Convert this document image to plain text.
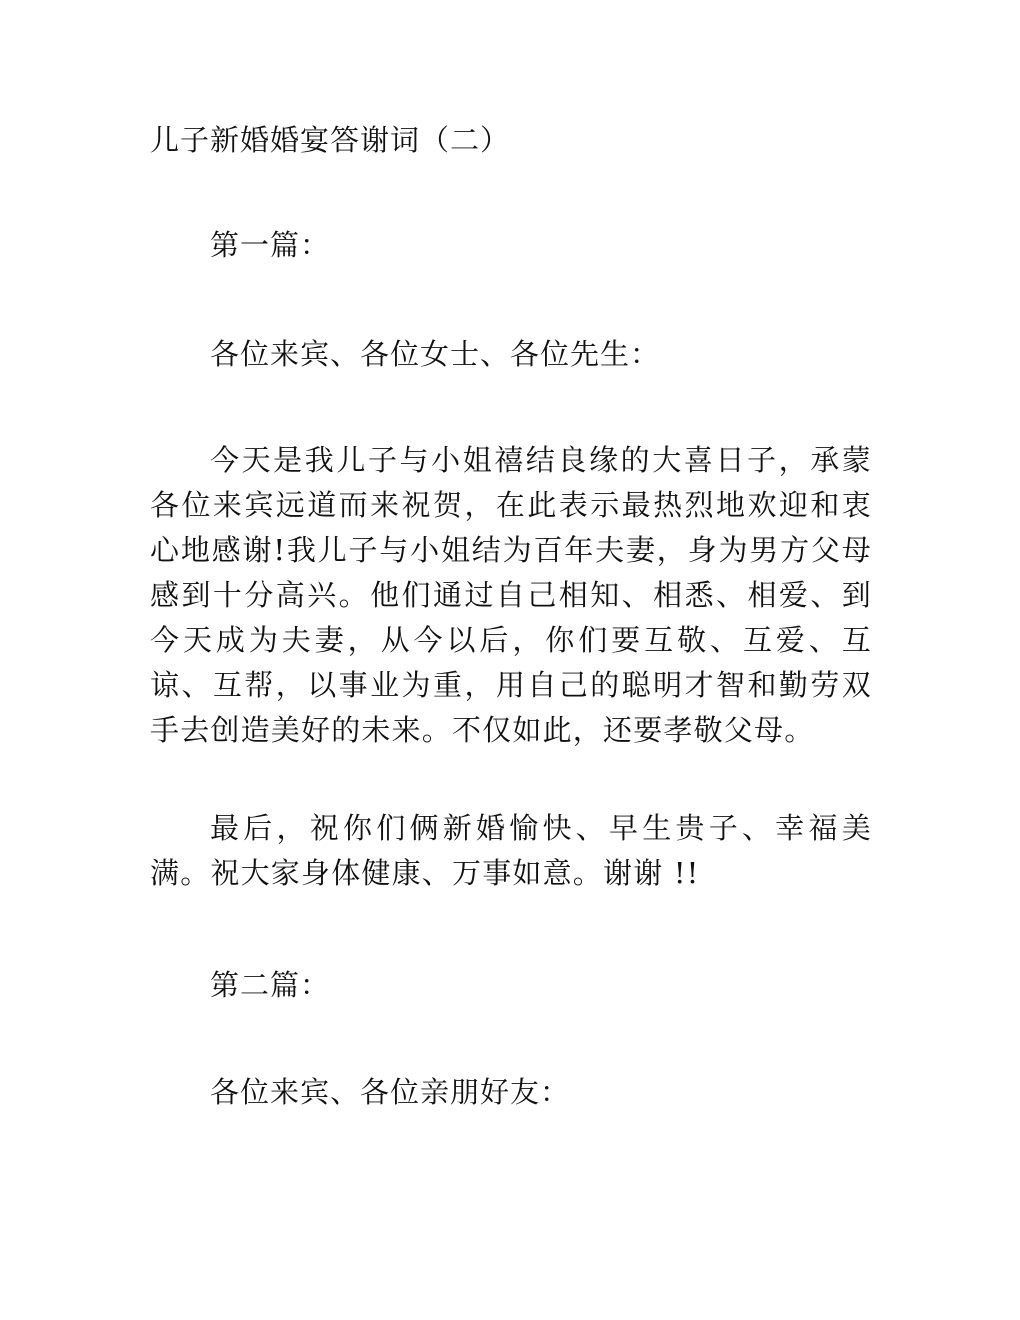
儿子新婚婚宴答谢词（二）
第一篇：
各位来宾、各位女士、各位先生：
今天是我儿子与小姐禧结良缘的大喜日子，承蒙各位来宾远道而来祝贺，在此表示最热烈地欢迎和衷心地感谢!我儿子与小姐结为百年夫妻，身为男方父母感到十分高兴。他们通过自己相知、相悉、相爱、到今天成为夫妻，从今以后，你们要互敬、互爱、互谅、互帮，以事业为重，用自己的聪明才智和勤劳双手去创造美好的未来。不仅如此，还要孝敬父母。
最后，祝你们俩新婚愉快、早生贵子、幸福美满。祝大家身体健康、万事如意。谢谢 !!
第二篇：
各位来宾、各位亲朋好友：
